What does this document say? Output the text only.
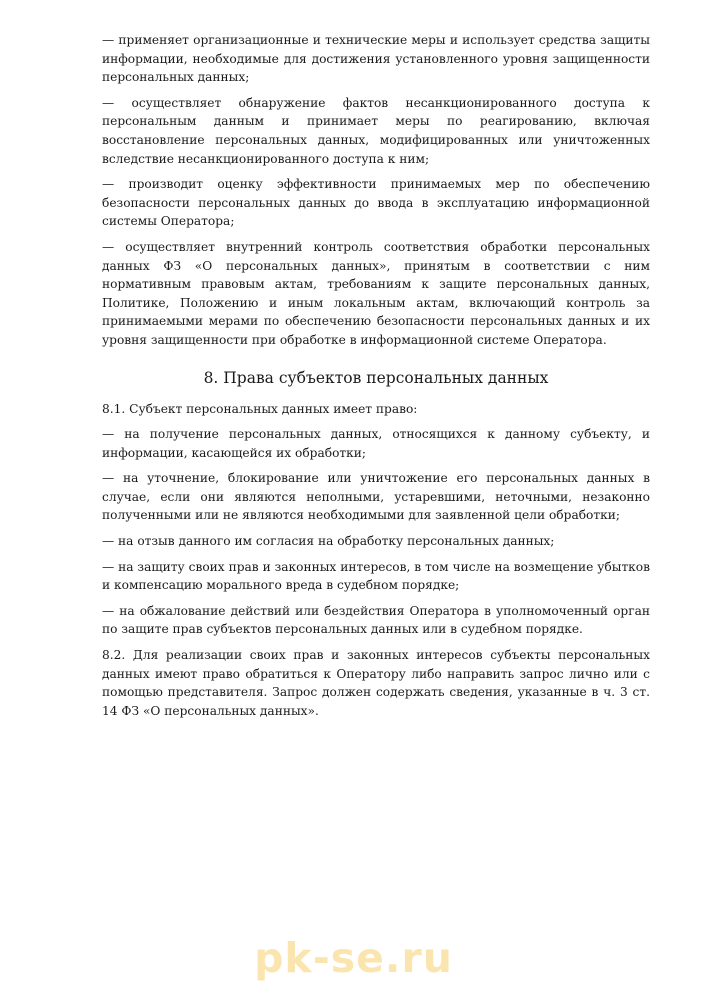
— применяет организационные и технические меры и использует средства защиты информации, необходимые для достижения установленного уровня защищенности персональных данных;

— осуществляет обнаружение фактов несанкционированного доступа к персональным данным и принимает меры по реагированию, включая восстановление персональных данных, модифицированных или уничтоженных вследствие несанкционированного доступа к ним;

— производит оценку эффективности принимаемых мер по обеспечению безопасности персональных данных до ввода в эксплуатацию информационной системы Оператора;

— осуществляет внутренний контроль соответствия обработки персональных данных ФЗ «О персональных данных», принятым в соответствии с ним нормативным правовым актам, требованиям к защите персональных данных, Политике, Положению и иным локальным актам, включающий контроль за принимаемыми мерами по обеспечению безопасности персональных данных и их уровня защищенности при обработке в информационной системе Оператора.

8. Права субъектов персональных данных

8.1. Субъект персональных данных имеет право:

— на получение персональных данных, относящихся к данному субъекту, и информации, касающейся их обработки;

— на уточнение, блокирование или уничтожение его персональных данных в случае, если они являются неполными, устаревшими, неточными, незаконно полученными или не являются необходимыми для заявленной цели обработки;

— на отзыв данного им согласия на обработку персональных данных;

— на защиту своих прав и законных интересов, в том числе на возмещение убытков и компенсацию морального вреда в судебном порядке;

— на обжалование действий или бездействия Оператора в уполномоченный орган по защите прав субъектов персональных данных или в судебном порядке.

8.2. Для реализации своих прав и законных интересов субъекты персональных данных имеют право обратиться к Оператору либо направить запрос лично или с помощью представителя. Запрос должен содержать сведения, указанные в ч. 3 ст. 14 ФЗ «О персональных данных».

pk-se.ru
